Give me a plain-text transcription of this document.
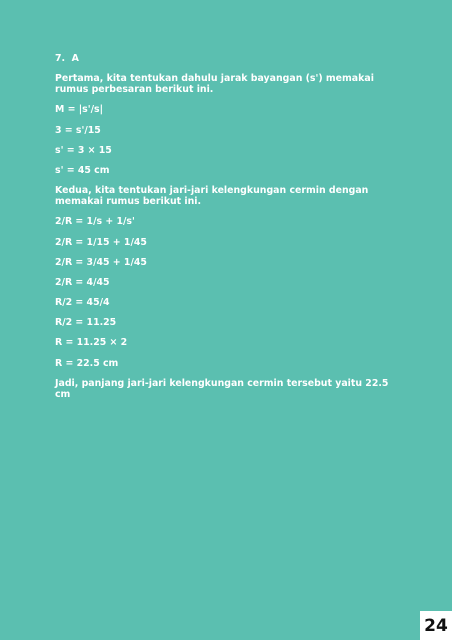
7.  A
Pertama, kita tentukan dahulu jarak bayangan (s') memakai rumus perbesaran berikut ini.
M = |s'/s|
3 = s'/15
s' = 3 × 15
s' = 45 cm
Kedua, kita tentukan jari-jari kelengkungan cermin dengan memakai rumus berikut ini.
2/R = 1/s + 1/s'
2/R = 1/15 + 1/45
2/R = 3/45 + 1/45
2/R = 4/45
R/2 = 45/4
R/2 = 11.25
R = 11.25 × 2
R = 22.5 cm
Jadi, panjang jari-jari kelengkungan cermin tersebut yaitu 22.5 cm
24
